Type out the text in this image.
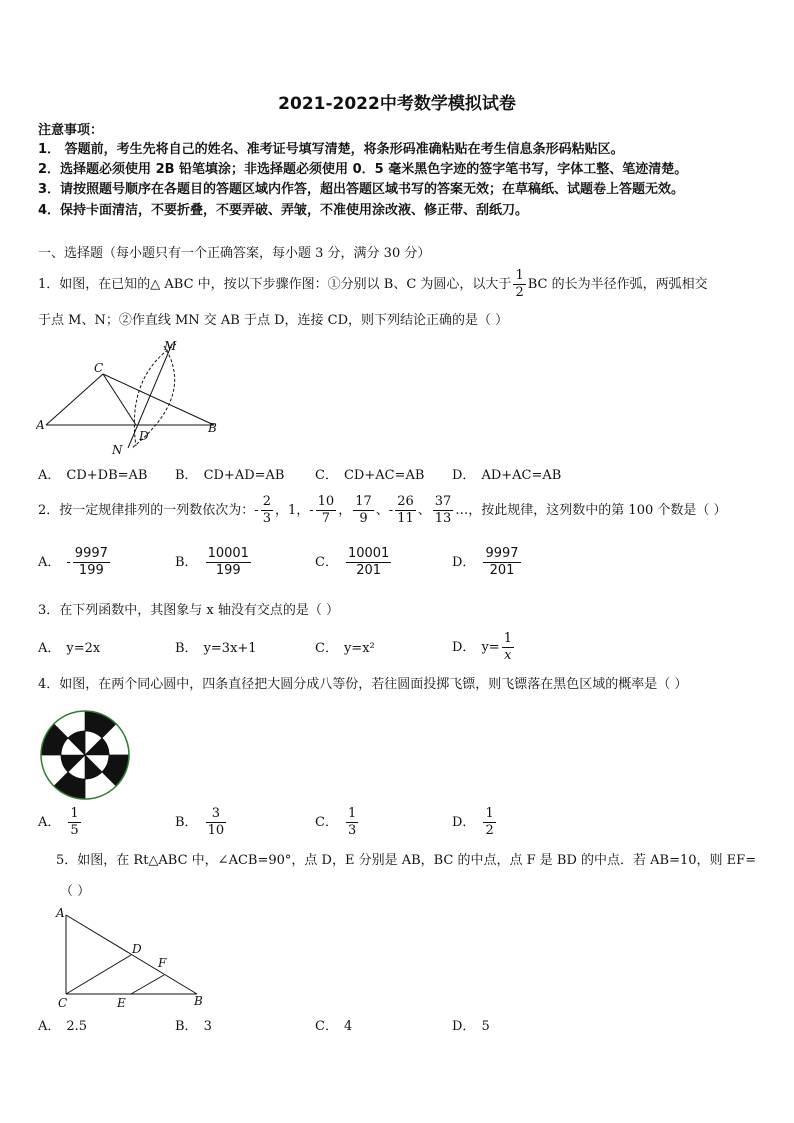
2021-2022中考数学模拟试卷
注意事项：
1． 答题前，考生先将自己的姓名、准考证号填写清楚，将条形码准确粘贴在考生信息条形码粘贴区。
2．选择题必须使用 2B 铅笔填涂；非选择题必须使用 0．5 毫米黑色字迹的签字笔书写，字体工整、笔迹清楚。
3．请按照题号顺序在各题目的答题区域内作答，超出答题区域书写的答案无效；在草稿纸、试题卷上答题无效。
4．保持卡面清洁，不要折叠，不要弄破、弄皱，不准使用涂改液、修正带、刮纸刀。
一、选择题（每小题只有一个正确答案，每小题 3 分，满分 30 分）
1．如图，在已知的△ ABC 中，按以下步骤作图：①分别以 B、C 为圆心，以大于 $\frac{1}{2}$ BC 的长为半径作弧，两弧相交
于点 M、N；②作直线 MN 交 AB 于点 D，连接 CD，则下列结论正确的是（ ）
C
M
A
D
B
N
A． CD+DB=AB B． CD+AD=AB C． CD+AC=AB D． AD+AC=AB
2．按一定规律排列的一列数依次为：- $\frac{2}{3}$ ，1，- $\frac{10}{7}$ ， $\frac{17}{9}$ 、- $\frac{26}{11}$ 、 $\frac{37}{13}$ …，按此规律，这列数中的第 100 个数是（ ）
A． - $\frac{9997}{199}$	B． $\frac{10001}{199}$	C． $\frac{10001}{201}$	D． $\frac{9997}{201}$
3．在下列函数中，其图象与 x 轴没有交点的是（ ）
A． y=2x	B． y=3x+1	C． y=x²	D． $y= \frac{1}{x}$
4．如图，在两个同心圆中，四条直径把大圆分成八等份，若往圆面投掷飞镖，则飞镖落在黑色区域的概率是（ ）
A． $\frac{1}{5}$	B． $\frac{3}{10}$	C． $\frac{1}{3}$	D． $\frac{1}{2}$
5．如图，在 Rt△ABC 中，∠ACB=90°，点 D，E 分别是 AB，BC 的中点，点 F 是 BD 的中点．若 AB=10，则 EF=
（ ）
A
D
F
C	E	B
A． 2.5	B． 3	C． 4	D． 5
